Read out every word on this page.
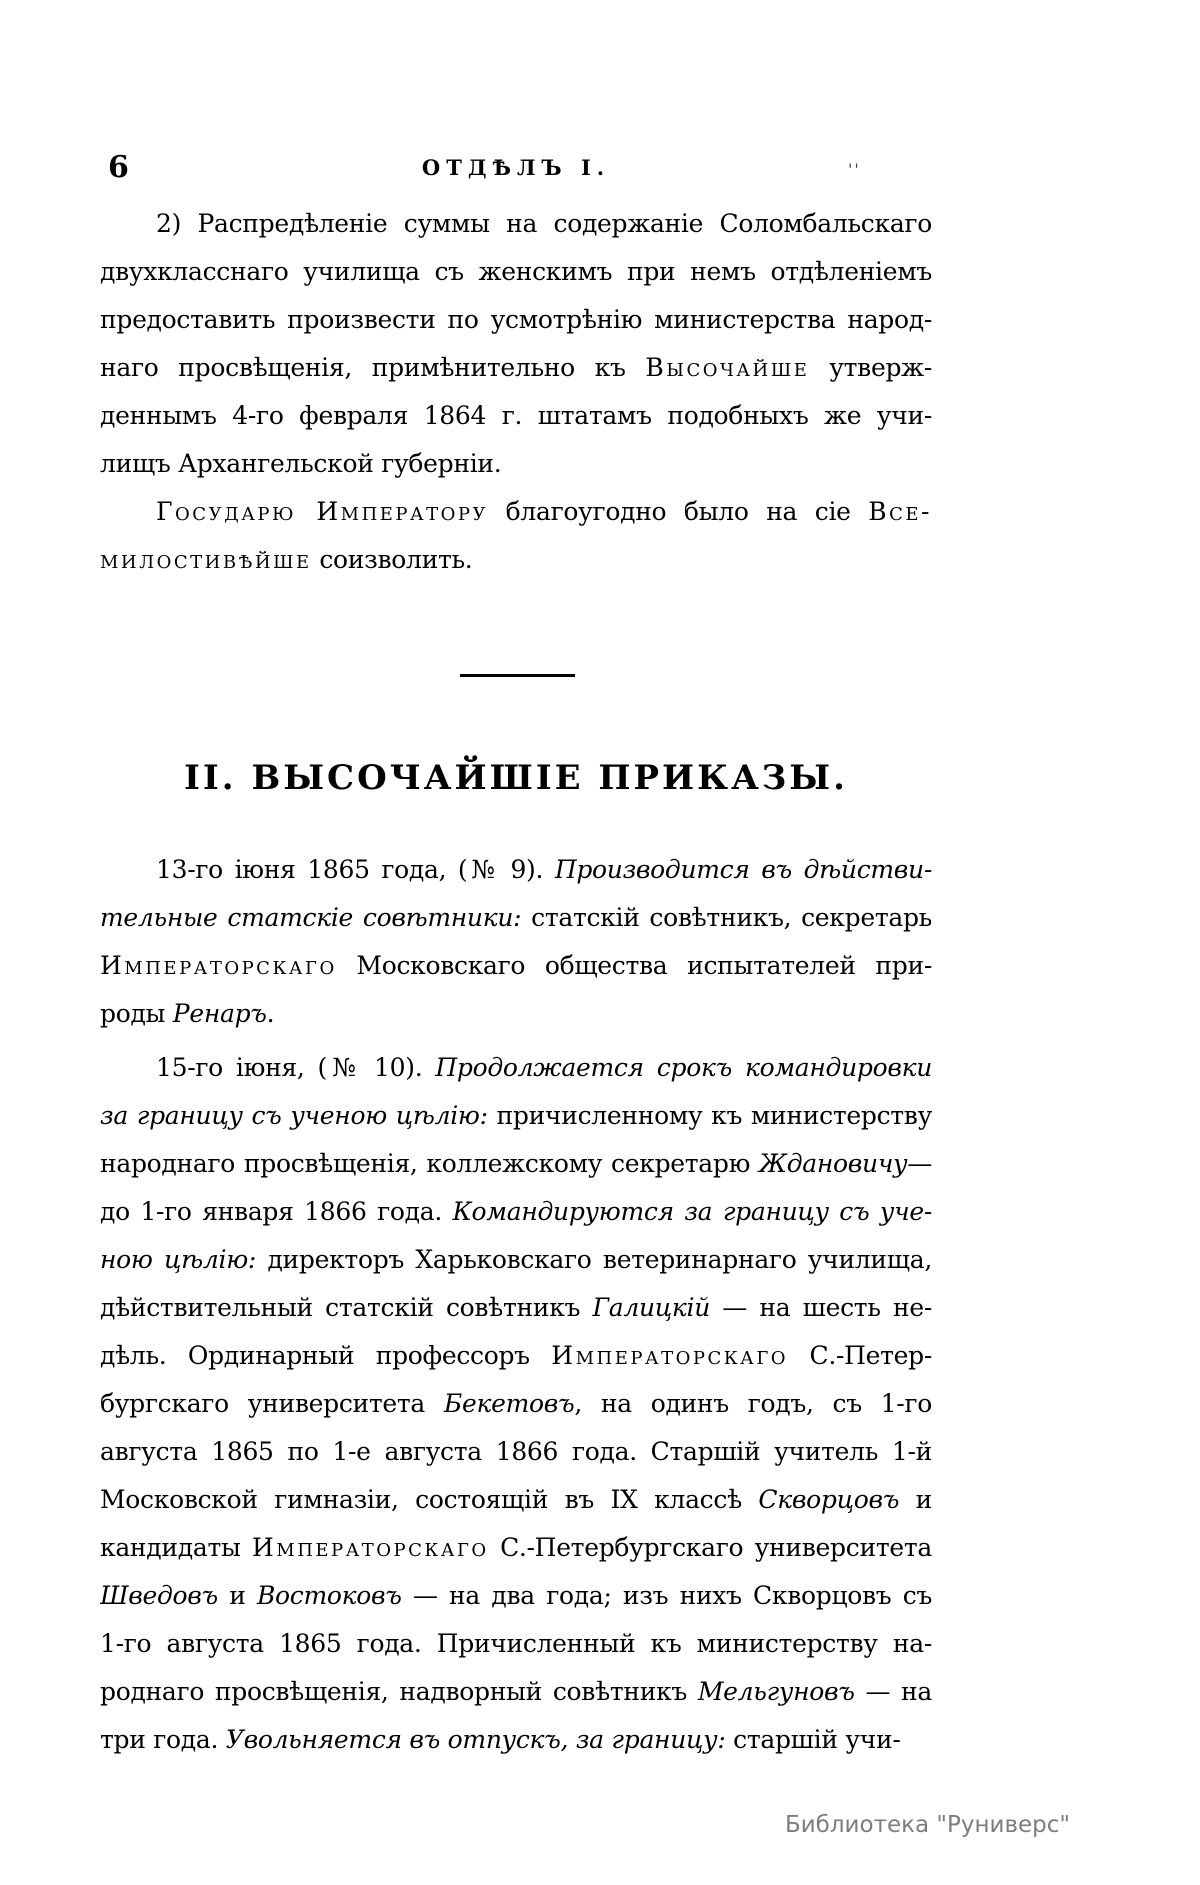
6	ОТДѢЛЪ I.	''
2) Распредѣленіе суммы на содержаніе Соломбальскаго
двухкласснаго училища съ женскимъ при немъ отдѣленіемъ
предоставить произвести по усмотрѣнію министерства народ-
наго просвѣщенія, примѣнительно къ Высочайше утверж-
деннымъ 4-го февраля 1864 г. штатамъ подобныхъ же учи-
лищъ Архангельской губерніи.
Государю Императору благоугодно было на сіе Все-
милостивѣйше соизволить.
II. ВЫСОЧАЙШІЕ ПРИКАЗЫ.
13-го іюня 1865 года, (№ 9). Производится въ дѣйстви-
тельные статскіе совѣтники: статскій совѣтникъ, секретарь
Императорскаго Московскаго общества испытателей при-
роды Ренаръ.
15-го іюня, (№ 10). Продолжается срокъ командировки
за границу съ ученою цѣлію: причисленному къ министерству
народнаго просвѣщенія, коллежскому секретарю Ждановичу—
до 1-го января 1866 года. Командируются за границу съ уче-
ною цѣлію: директоръ Харьковскаго ветеринарнаго училища,
дѣйствительный статскій совѣтникъ Галицкій — на шесть не-
дѣль. Ординарный профессоръ Императорскаго С.-Петер-
бургскаго университета Бекетовъ, на одинъ годъ, съ 1-го
августа 1865 по 1-е августа 1866 года. Старшій учитель 1-й
Московской гимназіи, состоящій въ IX классѣ Скворцовъ и
кандидаты Императорскаго С.-Петербургскаго университета
Шведовъ и Востоковъ — на два года; изъ нихъ Скворцовъ съ
1-го августа 1865 года. Причисленный къ министерству на-
роднаго просвѣщенія, надворный совѣтникъ Мельгуновъ — на
три года. Увольняется въ отпускъ, за границу: старшій учи-
Библиотека "Руниверс"
